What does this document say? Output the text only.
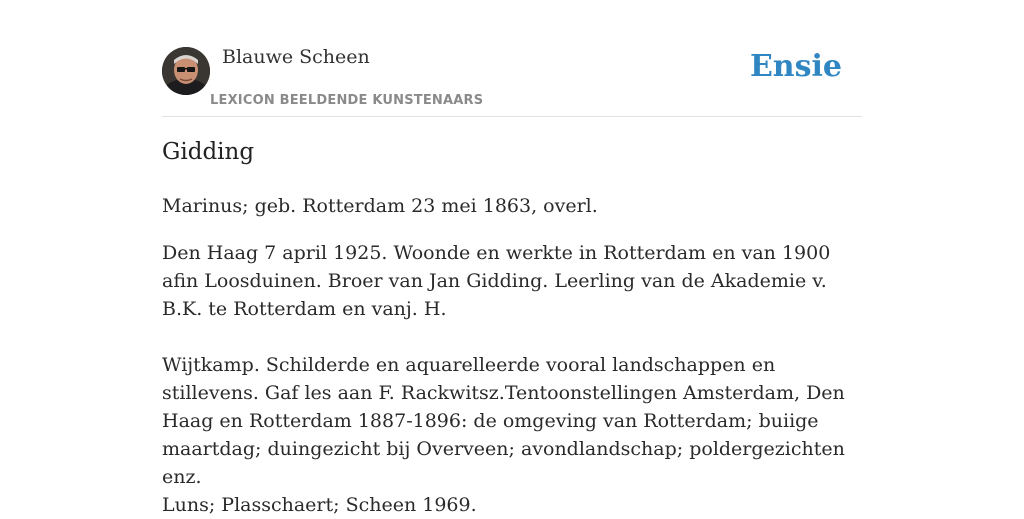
Blauwe Scheen
LEXICON BEELDENDE KUNSTENAARS
Ensie
Gidding
Marinus; geb. Rotterdam 23 mei 1863, overl.
Den Haag 7 april 1925. Woonde en werkte in Rotterdam en van 1900 afin Loosduinen. Broer van Jan Gidding. Leerling van de Akademie v. B.K. te Rotterdam en vanj. H.
Wijtkamp. Schilderde en aquarelleerde vooral landschappen en stillevens. Gaf les aan F. Rackwitsz.Tentoonstellingen Amsterdam, Den Haag en Rotterdam 1887-1896: de omgeving van Rotterdam; buiige maartdag; duingezicht bij Overveen; avondlandschap; poldergezichten enz.
Luns; Plasschaert; Scheen 1969.
